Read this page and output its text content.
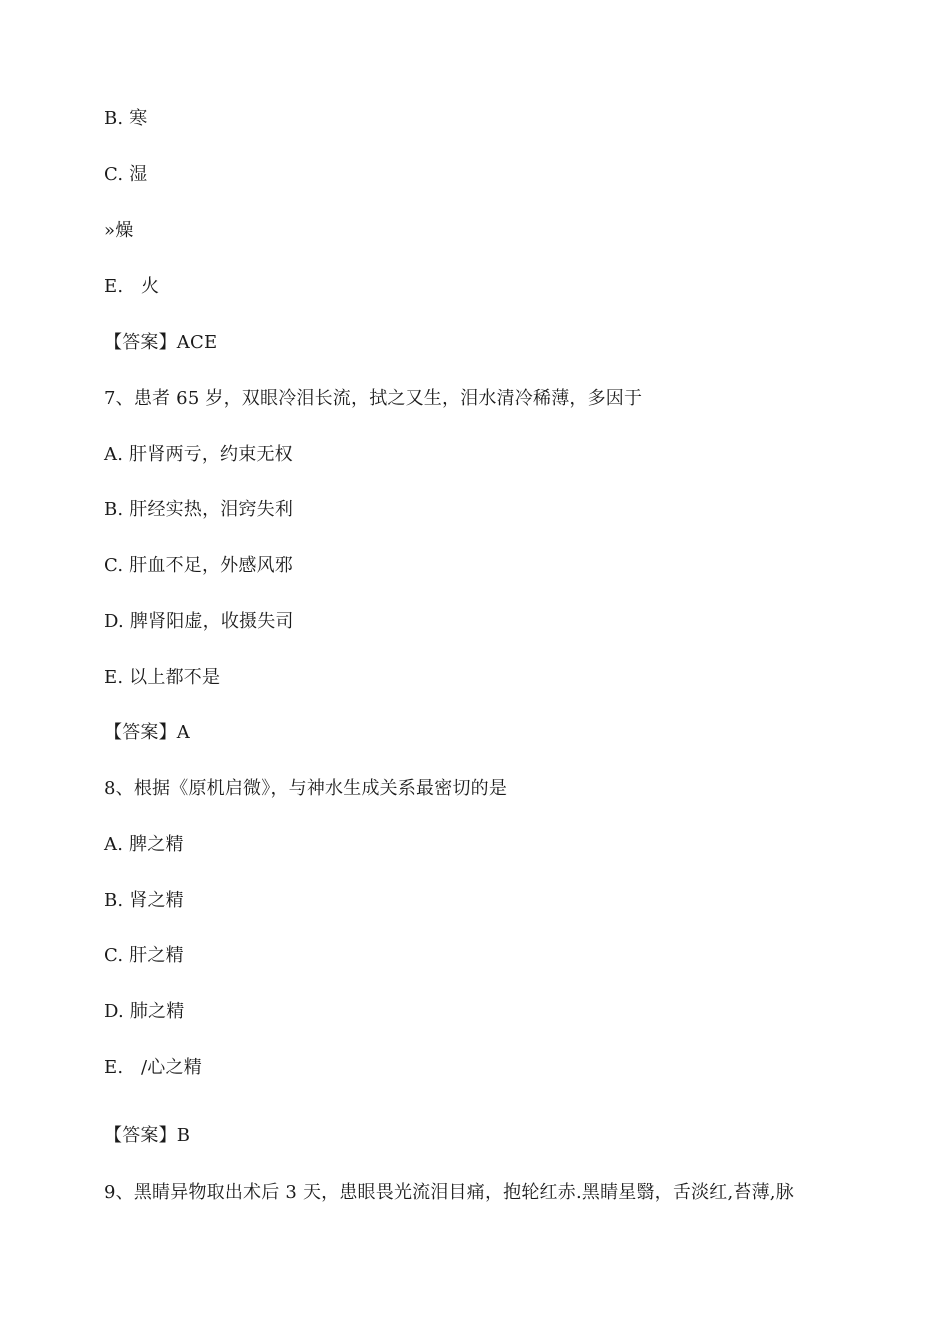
B. 寒
C. 湿
»燥
E.   火
【答案】ACE
7、患者 65 岁，双眼冷泪长流，拭之又生，泪水清冷稀薄，多因于
A. 肝肾两亏，约束无权
B. 肝经实热，泪窍失利
C. 肝血不足，外感风邪
D. 脾肾阳虚，收摄失司
E. 以上都不是
【答案】A
8、根据《原机启微》，与神水生成关系最密切的是
A. 脾之精
B. 肾之精
C. 肝之精
D. 肺之精
E.   /心之精
【答案】B
9、黑睛异物取出术后 3 天，患眼畏光流泪目痛，抱轮红赤.黑睛星翳，舌淡红,苔薄,脉
